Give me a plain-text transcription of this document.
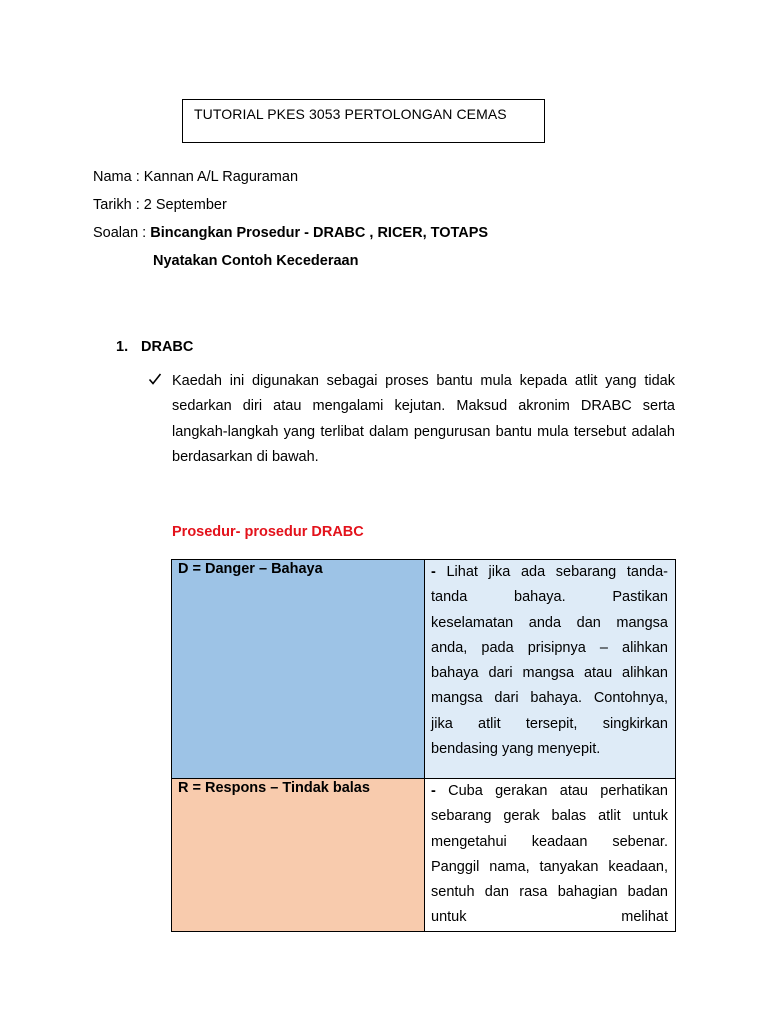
TUTORIAL PKES 3053 PERTOLONGAN CEMAS
Nama : Kannan A/L Raguraman
Tarikh : 2 September
Soalan : Bincangkan Prosedur - DRABC , RICER, TOTAPS
Nyatakan Contoh Kecederaan
1. DRABC
Kaedah ini digunakan sebagai proses bantu mula kepada atlit yang tidak sedarkan diri atau mengalami kejutan. Maksud akronim DRABC serta langkah-langkah yang terlibat dalam pengurusan bantu mula tersebut adalah berdasarkan di bawah.
Prosedur- prosedur DRABC
D = Danger – Bahaya	- Lihat jika ada sebarang tanda-tanda bahaya. Pastikan keselamatan anda dan mangsa anda, pada prisipnya – alihkan bahaya dari mangsa atau alihkan mangsa dari bahaya. Contohnya, jika atlit tersepit, singkirkan bendasing yang menyepit.

R = Respons – Tindak balas	- Cuba gerakan atau perhatikan sebarang gerak balas atlit untuk mengetahui keadaan sebenar. Panggil nama, tanyakan keadaan, sentuh dan rasa bahagian badan untuk melihat
